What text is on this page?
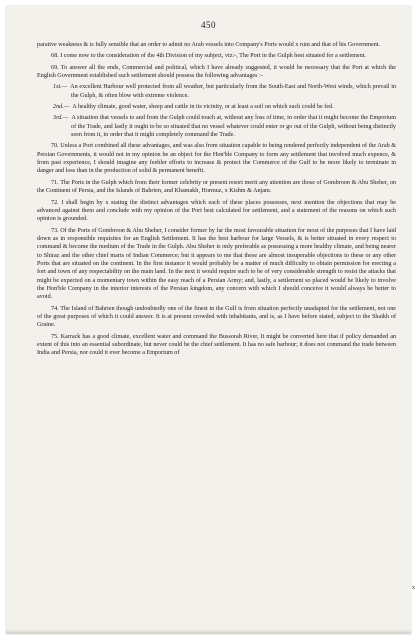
450

parative weakness & is fully sensible that an order to admit no Arab vessels into Company's Ports would x ruin and that of his Government.

68. I come now to the consideration of the 4th Division of my subject, viz:-, The Port in the Gulph best situated for a settlement.

69. To answer all the ends, Commercial and political, which I have already suggested, it would be necessary that the Port at which the English Government established such settlement should possess the following advantages :-

1st.— An excellent Harbour well protected from all weather, but particularly from the South-East and North-West winds, which prevail in the Gulph, & often blow with extreme violence.

2nd.— A healthy climate, good water, sheep and cattle in its vicinity, or at least a soil on which such could be fed.

3rd.— A situation that vessels to and from the Gulph could touch at, without any loss of time, in order that it might become the Emporium of the Trade, and lastly it ought to be so situated that no vessel whatever could enter or go out of the Gulph, without being distinctly seen from it, in order that it might completely command the Trade.

70. Unless a Port combined all these advantages, and was also from situation capable to being rendered perfectly independent of the Arab & Persian Governments, it would not in my opinion be an object for the Hon'ble Company to form any settlement that involved much expence, & from past experience, I should imagine any feebler efforts to increase & protect the Commerce of the Gulf to be more likely to terminate in danger and loss than in the production of solid & permanent benefit.

71. The Ports in the Gulph which from their former celebrity or present resort merit any attention are those of Gombroon & Abu Sheher, on the Continent of Persia, and the Islands of Bahrien, and Khamakh, Hormuz, x Kishm & Anjam.

72. I shall begin by x stating the distinct advantages which each of these places possesses, next mention the objections that may be advanced against them and conclude with my opinion of the Port best calculated for settlement, and a statement of the reasons on which such opinion is grounded.

73. Of the Ports of Gombroon & Abu Sheher, I consider former by far the most favourable situation for most of the purposes that I have laid down as in responsible requisites for an English Settlement. It has the best harbour for large Vessels, & is better situated in every respect to command & become the medium of the Trade in the Gulph. Abu Sheher is only preferable as possessing a more healthy climate, and being nearer to Shiraz and the other chief marts of Indian Commerce; but it appears to me that these are almost insuperable objections to these or any other Ports that are situated on the continent. In the first instance it would probably be a matter of much difficulty to obtain permission for erecting a fort and town of any respectability on the main land. In the next it would require such to be of very considerable strength to resist the attacks that might be expected on a momentary town within the easy reach of a Persian Army; and, lastly, a settlement so placed would be likely to involve the Hon'ble Company in the interior interests of the Persian kingdom, any concern with which I should conceive it would always be better to avoid.

74. The Island of Bahrien though undoubtedly one of the finest in the Gulf is from situation perfectly unadapted for the settlement, not one of the great purposes of which it could answer. It is at present crowded with inhabitants, and is, as I have before stated, subject to the Shaikh of Graine.

75. Karrack has a good climate, excellent water and command the Bussorah River, It might be converted here that if policy demanded an extent of this into an essential subordinate, but never could be the chief settlement. It has no safe harbour; it does not command the trade between India and Persia, nor could it ever become a Emporium of

x
